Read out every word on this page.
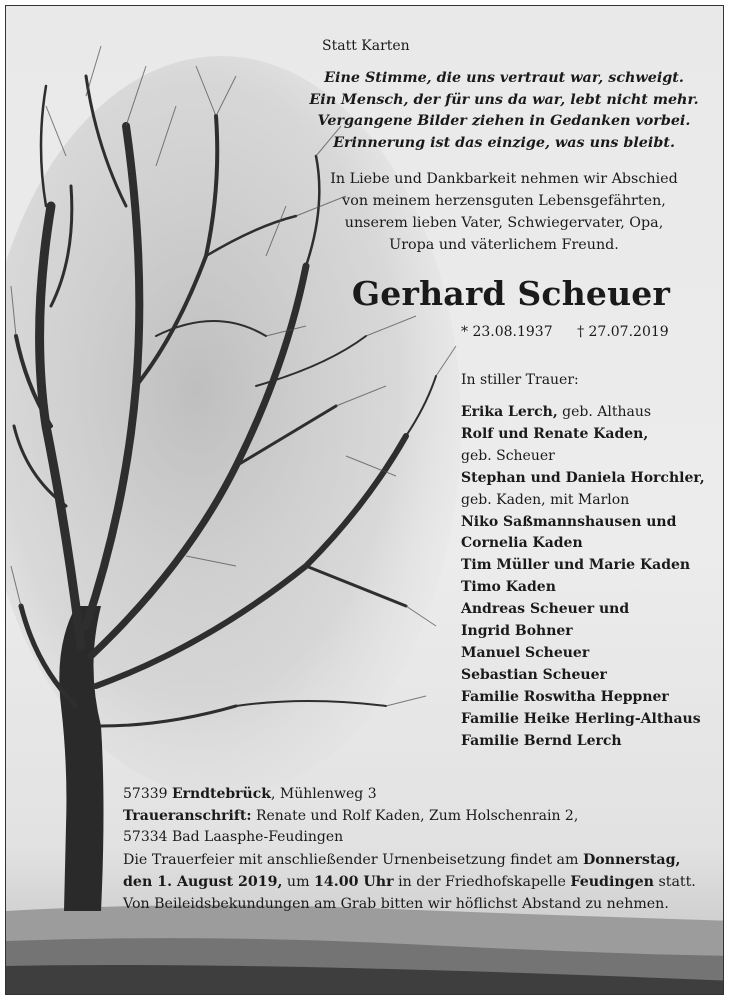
Statt Karten
Eine Stimme, die uns vertraut war, schweigt.
Ein Mensch, der für uns da war, lebt nicht mehr.
Vergangene Bilder ziehen in Gedanken vorbei.
Erinnerung ist das einzige, was uns bleibt.
In Liebe und Dankbarkeit nehmen wir Abschied
von meinem herzensguten Lebensgefährten,
unserem lieben Vater, Schwiegervater, Opa,
Uropa und väterlichem Freund.
Gerhard Scheuer
* 23.08.1937 † 27.07.2019
In stiller Trauer:
Erika Lerch, geb. Althaus
Rolf und Renate Kaden,
geb. Scheuer
Stephan und Daniela Horchler,
geb. Kaden, mit Marlon
Niko Saßmannshausen und
Cornelia Kaden
Tim Müller und Marie Kaden
Timo Kaden
Andreas Scheuer und
Ingrid Bohner
Manuel Scheuer
Sebastian Scheuer
Familie Roswitha Heppner
Familie Heike Herling-Althaus
Familie Bernd Lerch
57339 Erndtebrück, Mühlenweg 3
Traueranschrift: Renate und Rolf Kaden, Zum Holschenrain 2,
57334 Bad Laasphe-Feudingen
Die Trauerfeier mit anschließender Urnenbeisetzung findet am Donnerstag,
den 1. August 2019, um 14.00 Uhr in der Friedhofskapelle Feudingen statt.
Von Beileidsbekundungen am Grab bitten wir höflichst Abstand zu nehmen.
